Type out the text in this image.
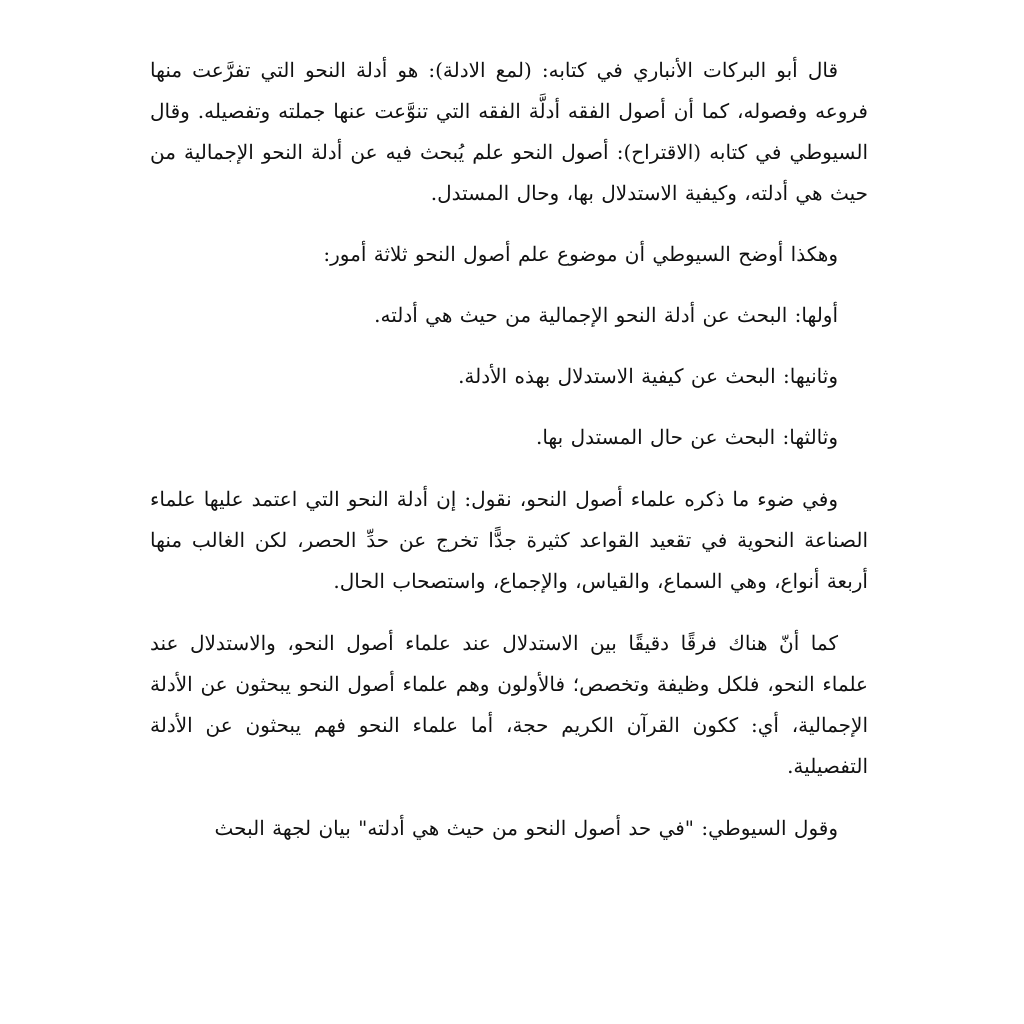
قال أبو البركات الأنباري في كتابه: (لمع الادلة): هو أدلة النحو التي تفرَّعت منها فروعه وفصوله، كما أن أصول الفقه أدلَّة الفقه التي تنوَّعت عنها جملته وتفصيله. وقال السيوطي في كتابه (الاقتراح): أصول النحو علم يُبحث فيه عن أدلة النحو الإجمالية من حيث هي أدلته، وكيفية الاستدلال بها، وحال المستدل.

وهكذا أوضح السيوطي أن موضوع علم أصول النحو ثلاثة أمور:

أولها: البحث عن أدلة النحو الإجمالية من حيث هي أدلته.

وثانيها: البحث عن كيفية الاستدلال بهذه الأدلة.

وثالثها: البحث عن حال المستدل بها.

وفي ضوء ما ذكره علماء أصول النحو، نقول: إن أدلة النحو التي اعتمد عليها علماء الصناعة النحوية في تقعيد القواعد كثيرة جدًّا تخرج عن حدِّ الحصر، لكن الغالب منها أربعة أنواع، وهي السماع، والقياس، والإجماع، واستصحاب الحال.

كما أنّ هناك فرقًا دقيقًا بين الاستدلال عند علماء أصول النحو، والاستدلال عند علماء النحو، فلكل وظيفة وتخصص؛ فالأولون وهم علماء أصول النحو يبحثون عن الأدلة الإجمالية، أي: ككون القرآن الكريم حجة، أما علماء النحو فهم يبحثون عن الأدلة التفصيلية.

وقول السيوطي: "في حد أصول النحو من حيث هي أدلته" بيان لجهة البحث
